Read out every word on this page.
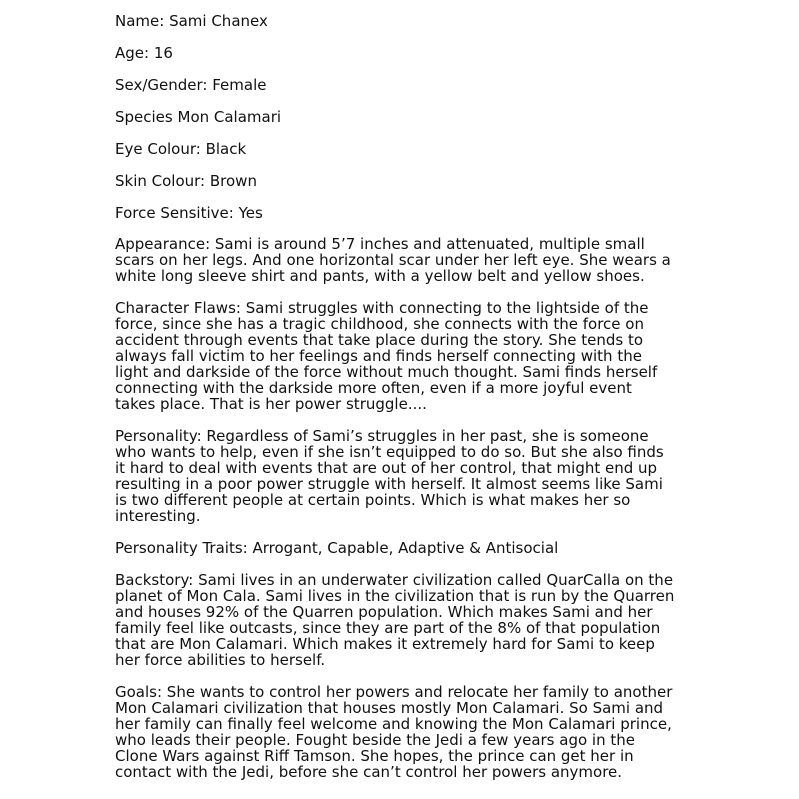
Name: Sami Chanex
Age: 16
Sex/Gender: Female
Species Mon Calamari
Eye Colour: Black
Skin Colour: Brown
Force Sensitive: Yes

Appearance: Sami is around 5’7 inches and attenuated, multiple small scars on her legs. And one horizontal scar under her left eye. She wears a white long sleeve shirt and pants, with a yellow belt and yellow shoes.

Character Flaws: Sami struggles with connecting to the lightside of the force, since she has a tragic childhood, she connects with the force on accident through events that take place during the story. She tends to always fall victim to her feelings and finds herself connecting with the light and darkside of the force without much thought. Sami finds herself connecting with the darkside more often, even if a more joyful event takes place. That is her power struggle....

Personality: Regardless of Sami’s struggles in her past, she is someone who wants to help, even if she isn’t equipped to do so. But she also finds it hard to deal with events that are out of her control, that might end up resulting in a poor power struggle with herself. It almost seems like Sami is two different people at certain points. Which is what makes her so interesting.

Personality Traits: Arrogant, Capable, Adaptive & Antisocial

Backstory: Sami lives in an underwater civilization called QuarCalla on the planet of Mon Cala. Sami lives in the civilization that is run by the Quarren and houses 92% of the Quarren population. Which makes Sami and her family feel like outcasts, since they are part of the 8% of that population that are Mon Calamari. Which makes it extremely hard for Sami to keep her force abilities to herself.

Goals: She wants to control her powers and relocate her family to another Mon Calamari civilization that houses mostly Mon Calamari. So Sami and her family can finally feel welcome and knowing the Mon Calamari prince, who leads their people. Fought beside the Jedi a few years ago in the Clone Wars against Riff Tamson. She hopes, the prince can get her in contact with the Jedi, before she can’t control her powers anymore.
